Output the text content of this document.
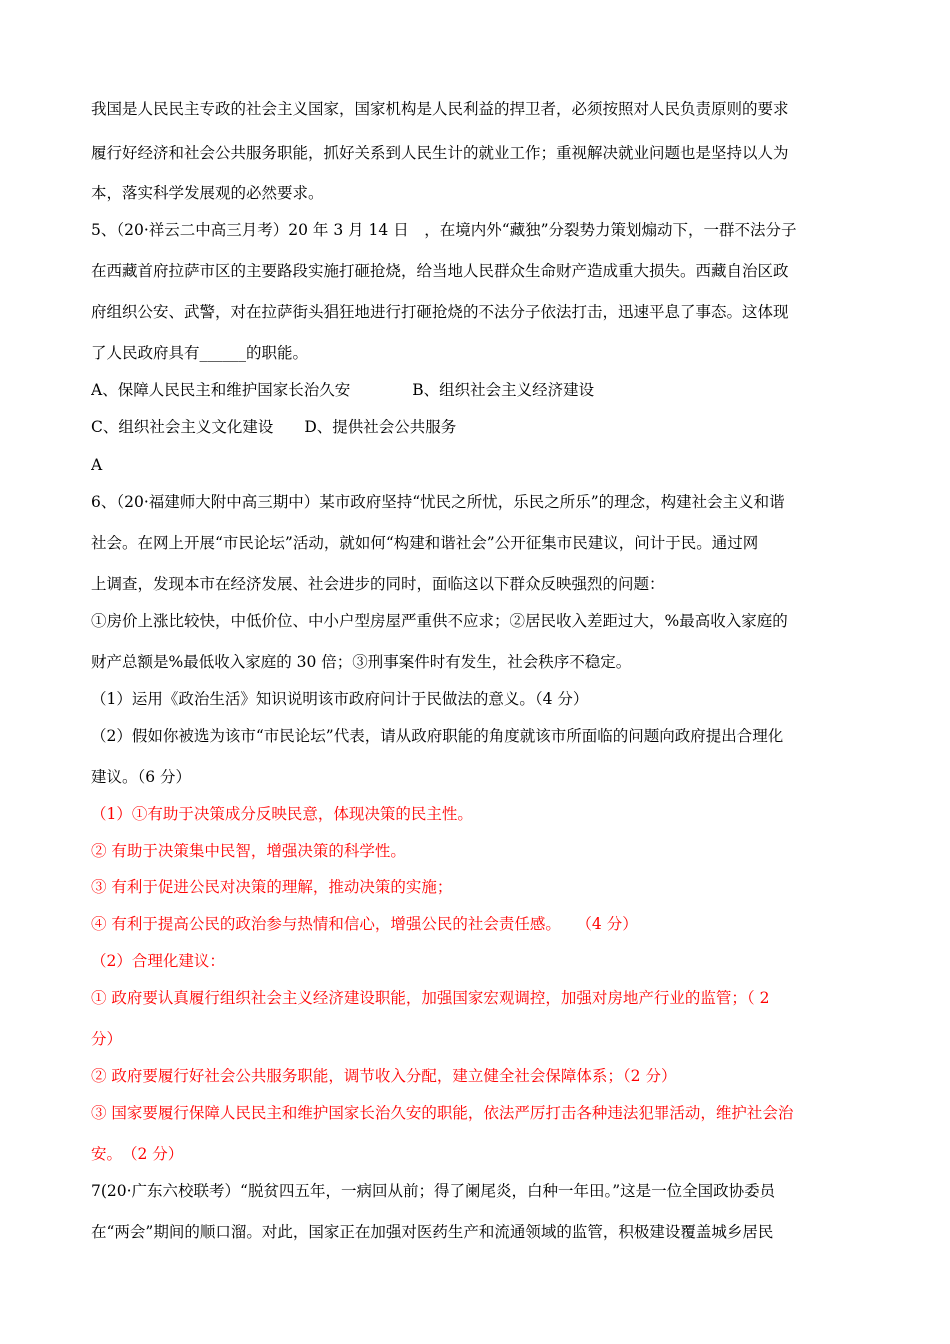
我国是人民民主专政的社会主义国家，国家机构是人民利益的捍卫者，必须按照对人民负责原则的要求
履行好经济和社会公共服务职能，抓好关系到人民生计的就业工作；重视解决就业问题也是坚持以人为
本，落实科学发展观的必然要求。
5、（20·祥云二中高三月考）20 年 3 月 14 日　，在境内外“藏独”分裂势力策划煽动下，一群不法分子
在西藏首府拉萨市区的主要路段实施打砸抢烧，给当地人民群众生命财产造成重大损失。西藏自治区政
府组织公安、武警，对在拉萨街头猖狂地进行打砸抢烧的不法分子依法打击，迅速平息了事态。这体现
了人民政府具有______的职能。
A、保障人民民主和维护国家长治久安　　　　B、组织社会主义经济建设
C、组织社会主义文化建设　　D、提供社会公共服务
A
6、（20·福建师大附中高三期中）某市政府坚持“忧民之所忧，乐民之所乐”的理念，构建社会主义和谐
社会。在网上开展“市民论坛”活动，就如何“构建和谐社会”公开征集市民建议，问计于民。通过网
上调查，发现本市在经济发展、社会进步的同时，面临这以下群众反映强烈的问题：
①房价上涨比较快，中低价位、中小户型房屋严重供不应求；②居民收入差距过大，%最高收入家庭的
财产总额是%最低收入家庭的 30 倍；③刑事案件时有发生，社会秩序不稳定。
（1）运用《政治生活》知识说明该市政府问计于民做法的意义。（4 分）
（2）假如你被选为该市“市民论坛”代表，请从政府职能的角度就该市所面临的问题向政府提出合理化
建议。（6 分）
（1）①有助于决策成分反映民意，体现决策的民主性。
② 有助于决策集中民智，增强决策的科学性。
③ 有利于促进公民对决策的理解，推动决策的实施；
④ 有利于提高公民的政治参与热情和信心，增强公民的社会责任感。　　（4 分）
（2）合理化建议：
① 政府要认真履行组织社会主义经济建设职能，加强国家宏观调控，加强对房地产行业的监管；（ 2
分）
② 政府要履行好社会公共服务职能，调节收入分配，建立健全社会保障体系；（2 分）
③ 国家要履行保障人民民主和维护国家长治久安的职能，依法严厉打击各种违法犯罪活动，维护社会治
安。　（2 分）
7(20·广东六校联考）“脱贫四五年，一病回从前；得了阑尾炎，白种一年田。”这是一位全国政协委员
在“两会”期间的顺口溜。对此，国家正在加强对医药生产和流通领域的监管，积极建设覆盖城乡居民
